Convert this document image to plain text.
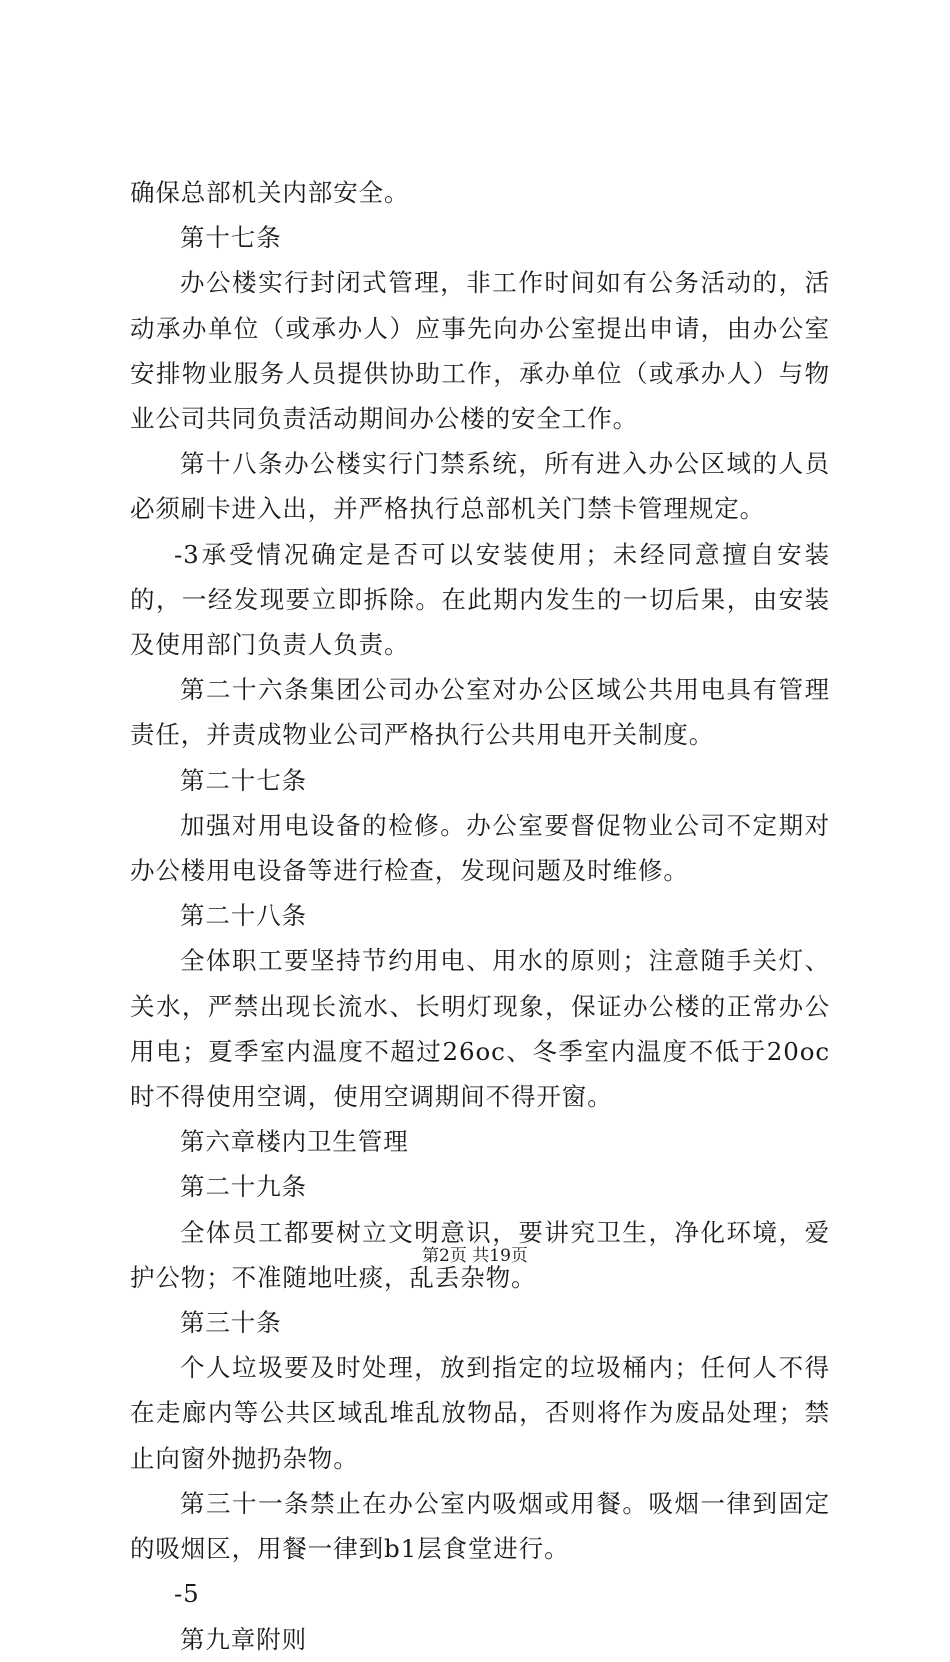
确保总部机关内部安全。

第十七条

办公楼实行封闭式管理，非工作时间如有公务活动的，活动承办单位（或承办人）应事先向办公室提出申请，由办公室安排物业服务人员提供协助工作，承办单位（或承办人）与物业公司共同负责活动期间办公楼的安全工作。

第十八条办公楼实行门禁系统，所有进入办公区域的人员必须刷卡进入出，并严格执行总部机关门禁卡管理规定。

-3承受情况确定是否可以安装使用；未经同意擅自安装的，一经发现要立即拆除。在此期内发生的一切后果，由安装及使用部门负责人负责。

第二十六条集团公司办公室对办公区域公共用电具有管理责任，并责成物业公司严格执行公共用电开关制度。

第二十七条

加强对用电设备的检修。办公室要督促物业公司不定期对办公楼用电设备等进行检查，发现问题及时维修。

第二十八条

全体职工要坚持节约用电、用水的原则；注意随手关灯、关水，严禁出现长流水、长明灯现象，保证办公楼的正常办公用电；夏季室内温度不超过26oc、冬季室内温度不低于20oc时不得使用空调，使用空调期间不得开窗。

第六章楼内卫生管理

第二十九条

全体员工都要树立文明意识，要讲究卫生，净化环境，爱护公物；不准随地吐痰，乱丢杂物。

第三十条

个人垃圾要及时处理，放到指定的垃圾桶内；任何人不得在走廊内等公共区域乱堆乱放物品，否则将作为废品处理；禁止向窗外抛扔杂物。

第三十一条禁止在办公室内吸烟或用餐。吸烟一律到固定的吸烟区，用餐一律到b1层食堂进行。

-5

第九章附则

第2页 共19页
